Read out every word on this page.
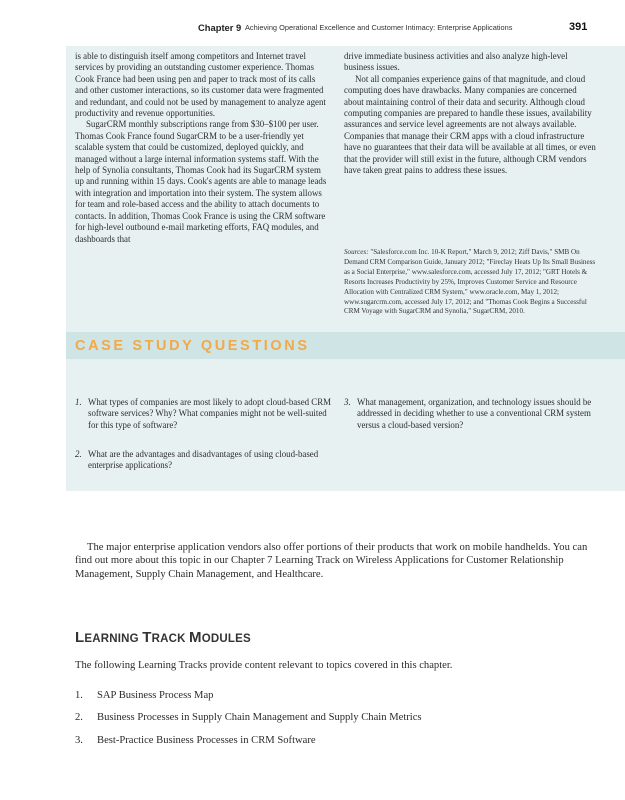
Chapter 9 Achieving Operational Excellence and Customer Intimacy: Enterprise Applications	391

is able to distinguish itself among competitors and Internet travel services by providing an outstanding customer experience. Thomas Cook France had been using pen and paper to track most of its calls and other customer interactions, so its customer data were fragmented and redundant, and could not be used by management to analyze agent productivity and revenue opportunities.

SugarCRM monthly subscriptions range from $30–$100 per user. Thomas Cook France found SugarCRM to be a user-friendly yet scalable system that could be customized, deployed quickly, and managed without a large internal information systems staff. With the help of Synolia consultants, Thomas Cook had its SugarCRM system up and running within 15 days. Cook's agents are able to manage leads with integration and importation into their system. The system allows for team and role-based access and the ability to attach documents to contacts. In addition, Thomas Cook France is using the CRM software for high-level outbound e-mail marketing efforts, FAQ modules, and dashboards that

drive immediate business activities and also analyze high-level business issues.

Not all companies experience gains of that magnitude, and cloud computing does have drawbacks. Many companies are concerned about maintaining control of their data and security. Although cloud computing companies are prepared to handle these issues, availability assurances and service level agreements are not always available. Companies that manage their CRM apps with a cloud infrastructure have no guarantees that their data will be available at all times, or even that the provider will still exist in the future, although CRM vendors have taken great pains to address these issues.

Sources: "Salesforce.com Inc. 10-K Report," March 9, 2012; Ziff Davis," SMB On Demand CRM Comparison Guide, January 2012; "Fireclay Heats Up Its Small Business as a Social Enterprise," www.salesforce.com, accessed July 17, 2012; "GRT Hotels & Resorts Increases Productivity by 25%, Improves Customer Service and Resource Allocation with Centralized CRM System," www.oracle.com, May 1, 2012; www.sugarcrm.com, accessed July 17, 2012; and "Thomas Cook Begins a Successful CRM Voyage with SugarCRM and Synolia," SugarCRM, 2010.
CASE STUDY QUESTIONS
1. What types of companies are most likely to adopt cloud-based CRM software services? Why? What companies might not be well-suited for this type of software?
2. What are the advantages and disadvantages of using cloud-based enterprise applications?
3. What management, organization, and technology issues should be addressed in deciding whether to use a conventional CRM system versus a cloud-based version?
The major enterprise application vendors also offer portions of their products that work on mobile handhelds. You can find out more about this topic in our Chapter 7 Learning Track on Wireless Applications for Customer Relationship Management, Supply Chain Management, and Healthcare.
LEARNING TRACK MODULES
The following Learning Tracks provide content relevant to topics covered in this chapter.
1. SAP Business Process Map
2. Business Processes in Supply Chain Management and Supply Chain Metrics
3. Best-Practice Business Processes in CRM Software
